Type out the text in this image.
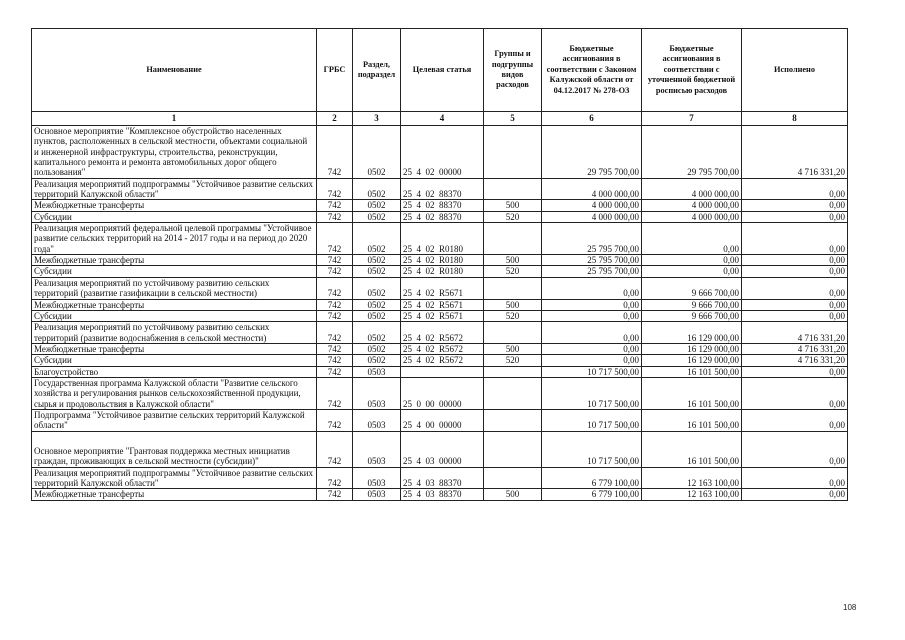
Наименование	ГРБС	Раздел, подраздел	Целевая статья	Группы и подгруппы видов расходов	Бюджетные ассигнования в соответствии с Законом Калужской области от 04.12.2017 № 278-ОЗ	Бюджетные ассигнования в соответствии с уточненной бюджетной росписью расходов	Исполнено
1	2	3	4	5	6	7	8
Основное мероприятие "Комплексное обустройство населенных пунктов, расположенных в сельской местности, объектами социальной и инженерной инфраструктуры, строительства, реконструкции, капитального ремонта и ремонта автомобильных дорог общего пользования"	742	0502	25  4  02  00000		29 795 700,00	29 795 700,00	4 716 331,20
Реализация мероприятий подпрограммы "Устойчивое развитие сельских территорий Калужской области"	742	0502	25  4  02  88370		4 000 000,00	4 000 000,00	0,00
Межбюджетные трансферты	742	0502	25  4  02  88370	500	4 000 000,00	4 000 000,00	0,00
Субсидии	742	0502	25  4  02  88370	520	4 000 000,00	4 000 000,00	0,00
Реализация мероприятий федеральной целевой программы "Устойчивое развитие сельских территорий на 2014 - 2017 годы и на период до 2020 года"	742	0502	25  4  02  R0180		25 795 700,00	0,00	0,00
Межбюджетные трансферты	742	0502	25  4  02  R0180	500	25 795 700,00	0,00	0,00
Субсидии	742	0502	25  4  02  R0180	520	25 795 700,00	0,00	0,00
Реализация мероприятий по устойчивому развитию сельских территорий (развитие газификации в сельской местности)	742	0502	25  4  02  R5671		0,00	9 666 700,00	0,00
Межбюджетные трансферты	742	0502	25  4  02  R5671	500	0,00	9 666 700,00	0,00
Субсидии	742	0502	25  4  02  R5671	520	0,00	9 666 700,00	0,00
Реализация мероприятий по устойчивому развитию сельских территорий (развитие водоснабжения в сельской местности)	742	0502	25  4  02  R5672		0,00	16 129 000,00	4 716 331,20
Межбюджетные трансферты	742	0502	25  4  02  R5672	500	0,00	16 129 000,00	4 716 331,20
Субсидии	742	0502	25  4  02  R5672	520	0,00	16 129 000,00	4 716 331,20
Благоустройство	742	0503			10 717 500,00	16 101 500,00	0,00
Государственная программа Калужской области "Развитие сельского хозяйства и регулирования рынков сельскохозяйственной продукции, сырья и продовольствия в Калужской области"	742	0503	25  0  00  00000		10 717 500,00	16 101 500,00	0,00
Подпрограмма "Устойчивое развитие сельских территорий Калужской области"	742	0503	25  4  00  00000		10 717 500,00	16 101 500,00	0,00
Основное мероприятие "Грантовая поддержка местных инициатив граждан, проживающих в сельской местности (субсидии)"	742	0503	25  4  03  00000		10 717 500,00	16 101 500,00	0,00
Реализация мероприятий подпрограммы "Устойчивое развитие сельских территорий Калужской области"	742	0503	25  4  03  88370		6 779 100,00	12 163 100,00	0,00
Межбюджетные трансферты	742	0503	25  4  03  88370	500	6 779 100,00	12 163 100,00	0,00
108
